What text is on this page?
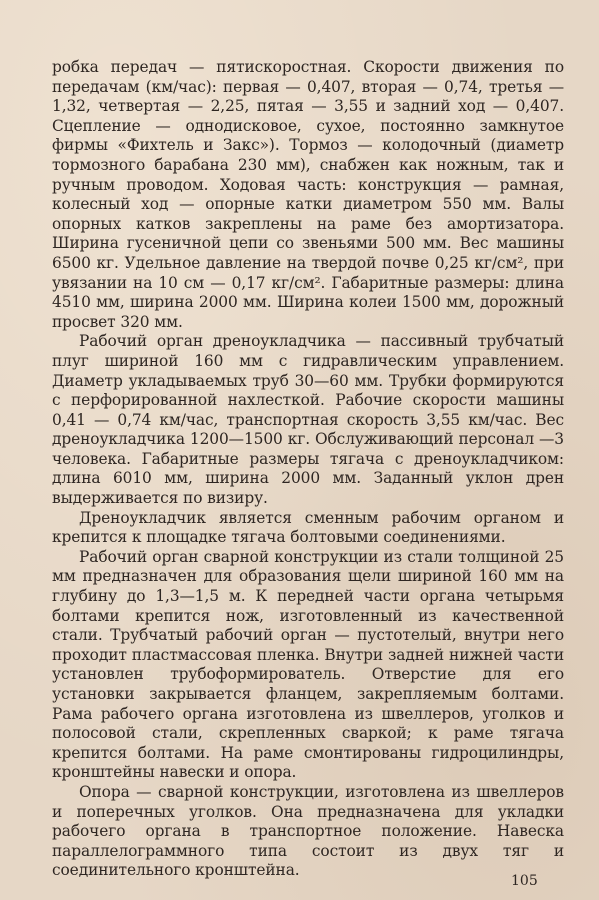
робка передач — пятискоростная. Скорости движения по передачам (км/час): первая — 0,407, вторая — 0,74, третья — 1,32, четвертая — 2,25, пятая — 3,55 и задний ход — 0,407. Сцепление — однодисковое, сухое, постоянно замкнутое фирмы «Фихтель и Закс»). Тормоз — колодочный (диаметр тормозного барабана 230 мм), снабжен как ножным, так и ручным проводом. Ходовая часть: конструкция — рамная, колесный ход — опорные катки диаметром 550 мм. Валы опорных катков закреплены на раме без амортизатора. Ширина гусеничной цепи со звеньями 500 мм. Вес машины 6500 кг. Удельное давление на твердой почве 0,25 кг/см², при увязании на 10 см — 0,17 кг/см². Габаритные размеры: длина 4510 мм, ширина 2000 мм. Ширина колеи 1500 мм, дорожный просвет 320 мм.

Рабочий орган дреноукладчика — пассивный трубчатый плуг шириной 160 мм с гидравлическим управлением. Диаметр укладываемых труб 30—60 мм. Трубки формируются с перфорированной нахлесткой. Рабочие скорости машины 0,41 — 0,74 км/час, транспортная скорость 3,55 км/час. Вес дреноукладчика 1200—1500 кг. Обслуживающий персонал —3 человека. Габаритные размеры тягача с дреноукладчиком: длина 6010 мм, ширина 2000 мм. Заданный уклон дрен выдерживается по визиру.

Дреноукладчик является сменным рабочим органом и крепится к площадке тягача болтовыми соединениями.

Рабочий орган сварной конструкции из стали толщиной 25 мм предназначен для образования щели шириной 160 мм на глубину до 1,3—1,5 м. К передней части органа четырьмя болтами крепится нож, изготовленный из качественной стали. Трубчатый рабочий орган — пустотелый, внутри него проходит пластмассовая пленка. Внутри задней нижней части установлен трубоформирователь. Отверстие для его установки закрывается фланцем, закрепляемым болтами. Рама рабочего органа изготовлена из швеллеров, уголков и полосовой стали, скрепленных сваркой; к раме тягача крепится болтами. На раме смонтированы гидроцилиндры, кронштейны навески и опора.

Опора — сварной конструкции, изготовлена из швеллеров и поперечных уголков. Она предназначена для укладки рабочего органа в транспортное положение. Навеска параллелограммного типа состоит из двух тяг и соединительного кронштейна.

105
